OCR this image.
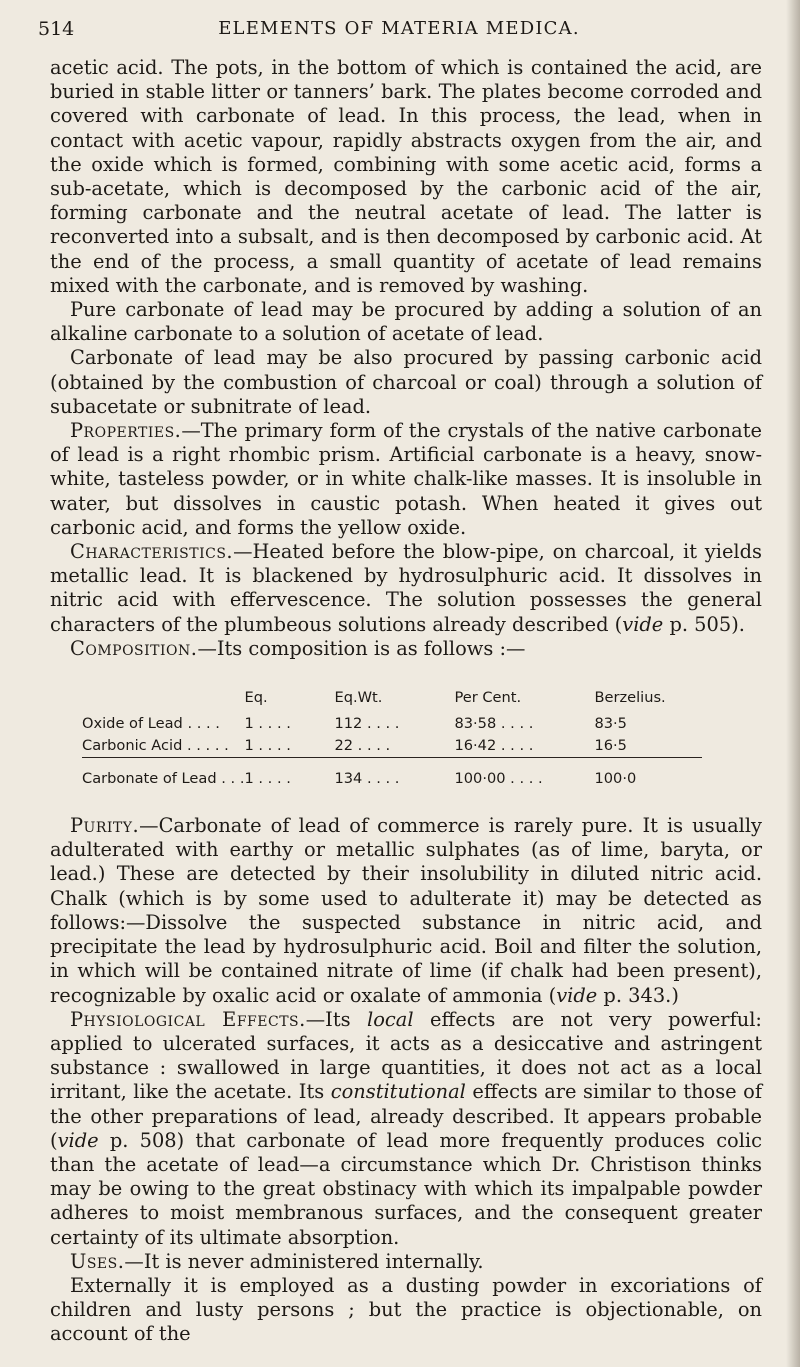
514	ELEMENTS OF MATERIA MEDICA.

acetic acid. The pots, in the bottom of which is contained the acid, are buried in stable litter or tanners’ bark. The plates become corroded and covered with carbonate of lead. In this process, the lead, when in contact with acetic vapour, rapidly abstracts oxygen from the air, and the oxide which is formed, combining with some acetic acid, forms a sub-acetate, which is decomposed by the carbonic acid of the air, forming carbonate and the neutral acetate of lead. The latter is reconverted into a subsalt, and is then decomposed by carbonic acid. At the end of the process, a small quantity of acetate of lead remains mixed with the carbonate, and is removed by washing.

Pure carbonate of lead may be procured by adding a solution of an alkaline carbonate to a solution of acetate of lead.

Carbonate of lead may be also procured by passing carbonic acid (obtained by the combustion of charcoal or coal) through a solution of subacetate or subnitrate of lead.

Properties.—The primary form of the crystals of the native carbonate of lead is a right rhombic prism. Artificial carbonate is a heavy, snow-white, tasteless powder, or in white chalk-like masses. It is insoluble in water, but dissolves in caustic potash. When heated it gives out carbonic acid, and forms the yellow oxide.

Characteristics.—Heated before the blow-pipe, on charcoal, it yields metallic lead. It is blackened by hydrosulphuric acid. It dissolves in nitric acid with effervescence. The solution possesses the general characters of the plumbeous solutions already described (vide p. 505).

Composition.—Its composition is as follows :—

	Eq.	Eq.Wt.	Per Cent.	Berzelius.
Oxide of Lead . . . .	1 . . . .	112 . . . .	83·58 . . . .	83·5
Carbonic Acid . . . . .	1 . . . .	22 . . . .	16·42 . . . .	16·5

Carbonate of Lead . . .	1 . . . .	134 . . . .	100·00 . . . .	100·0

Purity.—Carbonate of lead of commerce is rarely pure. It is usually adulterated with earthy or metallic sulphates (as of lime, baryta, or lead.) These are detected by their insolubility in diluted nitric acid. Chalk (which is by some used to adulterate it) may be detected as follows:—Dissolve the suspected substance in nitric acid, and precipitate the lead by hydrosulphuric acid. Boil and filter the solution, in which will be contained nitrate of lime (if chalk had been present), recognizable by oxalic acid or oxalate of ammonia (vide p. 343.)

Physiological Effects.—Its local effects are not very powerful: applied to ulcerated surfaces, it acts as a desiccative and astringent substance : swallowed in large quantities, it does not act as a local irritant, like the acetate. Its constitutional effects are similar to those of the other preparations of lead, already described. It appears probable (vide p. 508) that carbonate of lead more frequently produces colic than the acetate of lead—a circumstance which Dr. Christison thinks may be owing to the great obstinacy with which its impalpable powder adheres to moist membranous surfaces, and the consequent greater certainty of its ultimate absorption.

Uses.—It is never administered internally.

Externally it is employed as a dusting powder in excoriations of children and lusty persons ; but the practice is objectionable, on account of the
